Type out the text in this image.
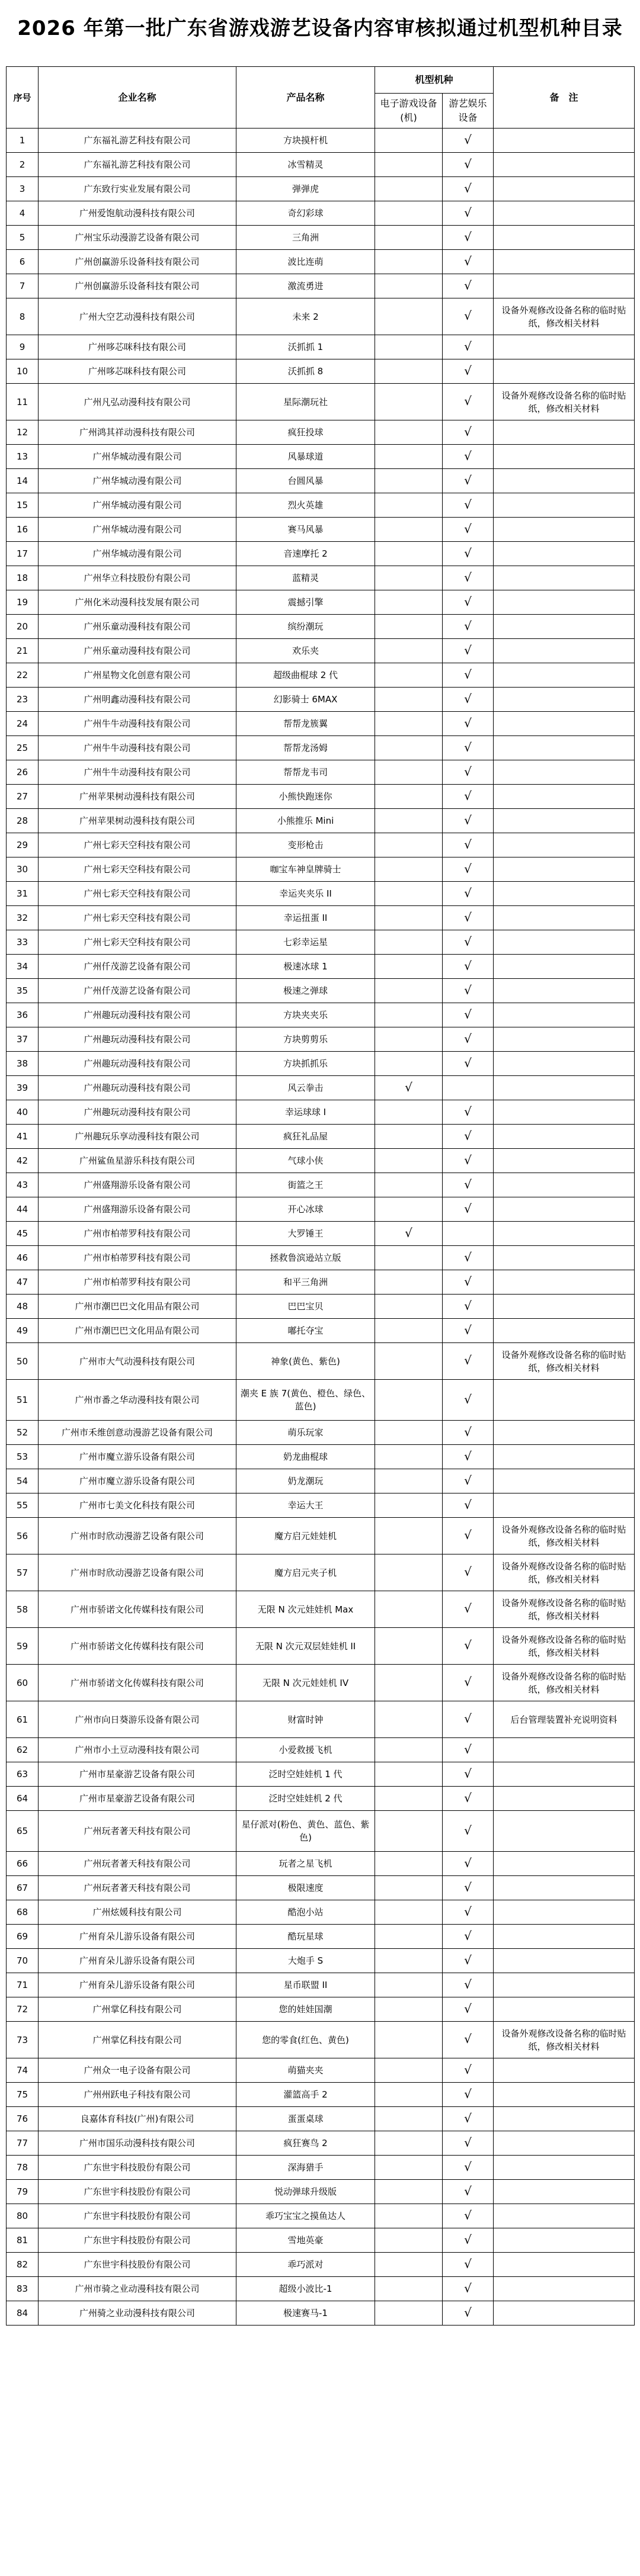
2026 年第一批广东省游戏游艺设备内容审核拟通过机型机种目录
序号	企业名称	产品名称	机型机种		备　注
			电子游戏设备(机)	游艺娱乐设备	
1	广东福礼游艺科技有限公司	方块摸杆机		√	
2	广东福礼游艺科技有限公司	冰雪精灵		√	
3	广东致行实业发展有限公司	弹弹虎		√	
4	广州爱饱航动漫科技有限公司	奇幻彩球		√	
5	广州宝乐动漫游艺设备有限公司	三角洲		√	
6	广州创赢游乐设备科技有限公司	波比连萌		√	
7	广州创赢游乐设备科技有限公司	激流勇进		√	
8	广州大空艺动漫科技有限公司	未来 2		√	设备外观修改设备名称的临时贴纸，修改相关材料
9	广州哆芯咪科技有限公司	沃抓抓 1		√	
10	广州哆芯咪科技有限公司	沃抓抓 8		√	
11	广州凡弘动漫科技有限公司	星际潮玩社		√	设备外观修改设备名称的临时贴纸，修改相关材料
12	广州鸿其祥动漫科技有限公司	疯狂投球		√	
13	广州华城动漫有限公司	风暴球道		√	
14	广州华城动漫有限公司	台圆风暴		√	
15	广州华城动漫有限公司	烈火英雄		√	
16	广州华城动漫有限公司	赛马风暴		√	
17	广州华城动漫有限公司	音速摩托 2		√	
18	广州华立科技股份有限公司	蓝精灵		√	
19	广州化米动漫科技发展有限公司	震撼引擎		√	
20	广州乐童动漫科技有限公司	缤纷潮玩		√	
21	广州乐童动漫科技有限公司	欢乐夹		√	
22	广州星物文化创意有限公司	超级曲棍球 2 代		√	
23	广州明鑫动漫科技有限公司	幻影骑士 6MAX		√	
24	广州牛牛动漫科技有限公司	帮帮龙簇翼		√	
25	广州牛牛动漫科技有限公司	帮帮龙汤姆		√	
26	广州牛牛动漫科技有限公司	帮帮龙韦司		√	
27	广州苹果树动漫科技有限公司	小熊快跑迷你		√	
28	广州苹果树动漫科技有限公司	小熊推乐 Mini		√	
29	广州七彩天空科技有限公司	变形枪击		√	
30	广州七彩天空科技有限公司	咖宝车神皇牌骑士		√	
31	广州七彩天空科技有限公司	幸运夹夹乐 II		√	
32	广州七彩天空科技有限公司	幸运扭蛋 II		√	
33	广州七彩天空科技有限公司	七彩幸运星		√	
34	广州仟茂游艺设备有限公司	极速冰球 1		√	
35	广州仟茂游艺设备有限公司	极速之弹球		√	
36	广州趣玩动漫科技有限公司	方块夹夹乐		√	
37	广州趣玩动漫科技有限公司	方块剪剪乐		√	
38	广州趣玩动漫科技有限公司	方块抓抓乐		√	
39	广州趣玩动漫科技有限公司	风云拳击	√		
40	广州趣玩动漫科技有限公司	幸运球球 I		√	
41	广州趣玩乐享动漫科技有限公司	疯狂礼品屋		√	
42	广州鲨鱼星游乐科技有限公司	气球小侠		√	
43	广州盛翔游乐设备有限公司	街篮之王		√	
44	广州盛翔游乐设备有限公司	开心冰球		√	
45	广州市柏蒂罗科技有限公司	大罗锤王	√		
46	广州市柏蒂罗科技有限公司	拯救鲁滨逊站立版		√	
47	广州市柏蒂罗科技有限公司	和平三角洲		√	
48	广州市潮巴巴文化用品有限公司	巴巴宝贝		√	
49	广州市潮巴巴文化用品有限公司	嘟托夺宝		√	
50	广州市大气动漫科技有限公司	神象(黄色、紫色)		√	设备外观修改设备名称的临时贴纸，修改相关材料
51	广州市番之华动漫科技有限公司	潮夹 E 族 7(黄色、橙色、绿色、蓝色)		√	
52	广州市禾维创意动漫游艺设备有限公司	萌乐玩家		√	
53	广州市魔立游乐设备有限公司	奶龙曲棍球		√	
54	广州市魔立游乐设备有限公司	奶龙潮玩		√	
55	广州市七美文化科技有限公司	幸运大王		√	
56	广州市时欣动漫游艺设备有限公司	魔方启元娃娃机		√	设备外观修改设备名称的临时贴纸，修改相关材料
57	广州市时欣动漫游艺设备有限公司	魔方启元夹子机		√	设备外观修改设备名称的临时贴纸，修改相关材料
58	广州市骄诺文化传媒科技有限公司	无限 N 次元娃娃机 Max		√	设备外观修改设备名称的临时贴纸，修改相关材料
59	广州市骄诺文化传媒科技有限公司	无限 N 次元双层娃娃机 II		√	设备外观修改设备名称的临时贴纸，修改相关材料
60	广州市骄诺文化传媒科技有限公司	无限 N 次元娃娃机 IV		√	设备外观修改设备名称的临时贴纸，修改相关材料
61	广州市向日葵游乐设备有限公司	财富时钟		√	后台管理装置补充说明资料
62	广州市小土豆动漫科技有限公司	小爱救援飞机		√	
63	广州市星豪游艺设备有限公司	泛时空娃娃机 1 代		√	
64	广州市星豪游艺设备有限公司	泛时空娃娃机 2 代		√	
65	广州玩者著天科技有限公司	星仔派对(粉色、黄色、蓝色、紫色)		√	
66	广州玩者著天科技有限公司	玩者之星飞机		√	
67	广州玩者著天科技有限公司	极限速度		√	
68	广州炫媛科技有限公司	酷泡小站		√	
69	广州育朵儿游乐设备有限公司	酷玩星球		√	
70	广州育朵儿游乐设备有限公司	大炮手 S		√	
71	广州育朵儿游乐设备有限公司	星币联盟 II		√	
72	广州掌亿科技有限公司	您的娃娃国潮		√	
73	广州掌亿科技有限公司	您的零食(红色、黄色)		√	设备外观修改设备名称的临时贴纸，修改相关材料
74	广州众一电子设备有限公司	萌猫夹夹		√	
75	广州州跃电子科技有限公司	灌篮高手 2		√	
76	良嘉体育科技(广州)有限公司	蛋蛋桌球		√	
77	广州市国乐动漫科技有限公司	疯狂赛鸟 2		√	
78	广东世宇科技股份有限公司	深海猎手		√	
79	广东世宇科技股份有限公司	悦动弹球升级版		√	
80	广东世宇科技股份有限公司	乖巧宝宝之摸鱼达人		√	
81	广东世宇科技股份有限公司	雪地英豪		√	
82	广东世宇科技股份有限公司	乖巧派对		√	
83	广州市骑之业动漫科技有限公司	超级小波比-1		√	
84	广州骑之业动漫科技有限公司	极速赛马-1		√	
